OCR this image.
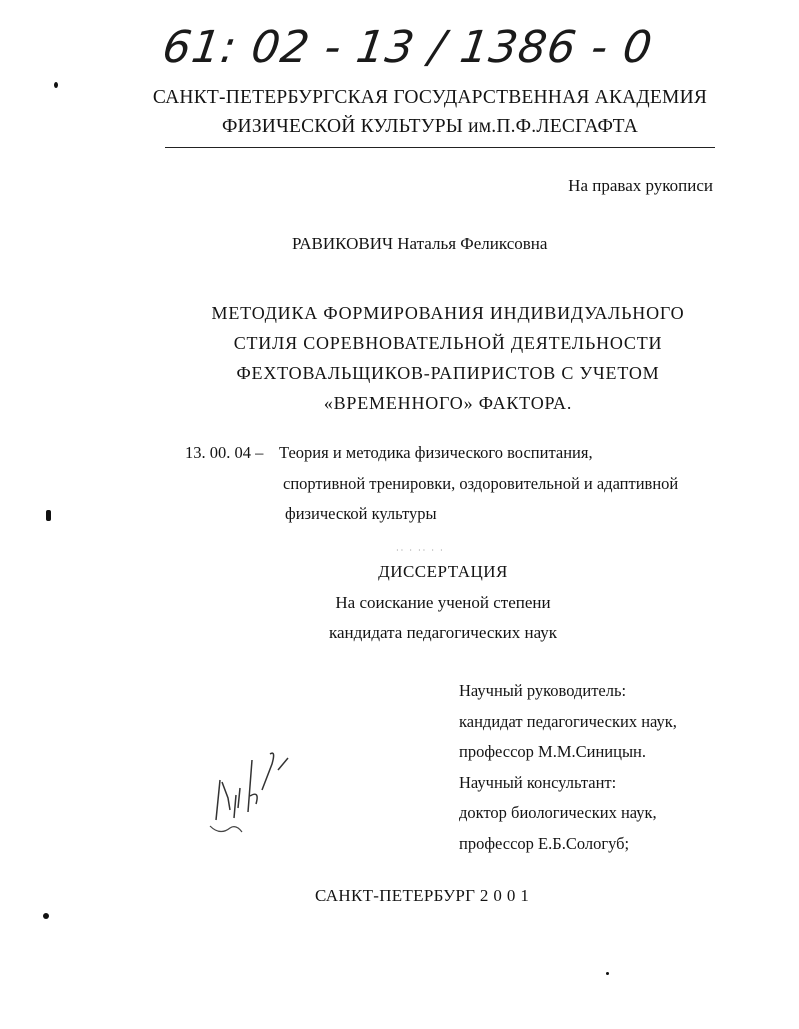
61: 02 - 13 / 1386 - 0
САНКТ-ПЕТЕРБУРГСКАЯ ГОСУДАРСТВЕННАЯ АКАДЕМИЯ
ФИЗИЧЕСКОЙ КУЛЬТУРЫ им.П.Ф.ЛЕСГАФТА
На правах рукописи
РАВИКОВИЧ Наталья Феликсовна
МЕТОДИКА ФОРМИРОВАНИЯ ИНДИВИДУАЛЬНОГО
СТИЛЯ СОРЕВНОВАТЕЛЬНОЙ ДЕЯТЕЛЬНОСТИ
ФЕХТОВАЛЬЩИКОВ-РАПИРИСТОВ С УЧЕТОМ
«ВРЕМЕННОГО» ФАКТОРА.
13. 00. 04 – Теория и методика физического воспитания,
спортивной тренировки, оздоровительной и адаптивной
физической культуры
·· · ·· · ·
ДИССЕРТАЦИЯ
На соискание ученой степени
кандидата педагогических наук
Научный руководитель:
кандидат педагогических наук,
профессор М.М.Синицын.
Научный консультант:
доктор биологических наук,
профессор Е.Б.Сологуб;
САНКТ-ПЕТЕРБУРГ 2001
